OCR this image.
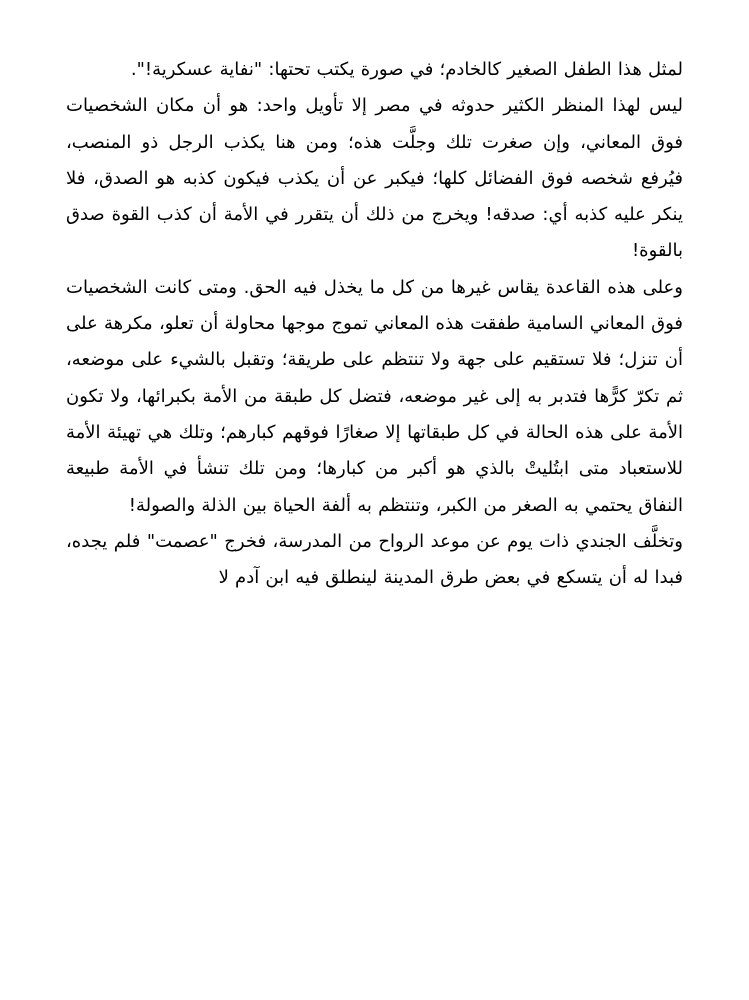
لمثل هذا الطفل الصغير كالخادم؛ في صورة يكتب تحتها: "نفاية عسكرية!".

ليس لهذا المنظر الكثير حدوثه في مصر إلا تأويل واحد: هو أن مكان الشخصيات فوق المعاني، وإن صغرت تلك وجلَّت هذه؛ ومن هنا يكذب الرجل ذو المنصب، فيُرفع شخصه فوق الفضائل كلها؛ فيكبر عن أن يكذب فيكون كذبه هو الصدق، فلا ينكر عليه كذبه أي: صدقه! ويخرج من ذلك أن يتقرر في الأمة أن كذب القوة صدق بالقوة!

وعلى هذه القاعدة يقاس غيرها من كل ما يخذل فيه الحق. ومتى كانت الشخصيات فوق المعاني السامية طفقت هذه المعاني تموج موجها محاولة أن تعلو، مكرهة على أن تنزل؛ فلا تستقيم على جهة ولا تنتظم على طريقة؛ وتقبل بالشيء على موضعه، ثم تكرّ كرًّها فتدبر به إلى غير موضعه، فتضل كل طبقة من الأمة بكبرائها، ولا تكون الأمة على هذه الحالة في كل طبقاتها إلا صغارًا فوقهم كبارهم؛ وتلك هي تهيئة الأمة للاستعباد متى ابتُليتْ بالذي هو أكبر من كبارها؛ ومن تلك تنشأ في الأمة طبيعة النفاق يحتمي به الصغر من الكبر، وتنتظم به ألفة الحياة بين الذلة والصولة!

وتخلَّف الجندي ذات يوم عن موعد الرواح من المدرسة، فخرج "عصمت" فلم يجده، فبدا له أن يتسكع في بعض طرق المدينة لينطلق فيه ابن آدم لا
